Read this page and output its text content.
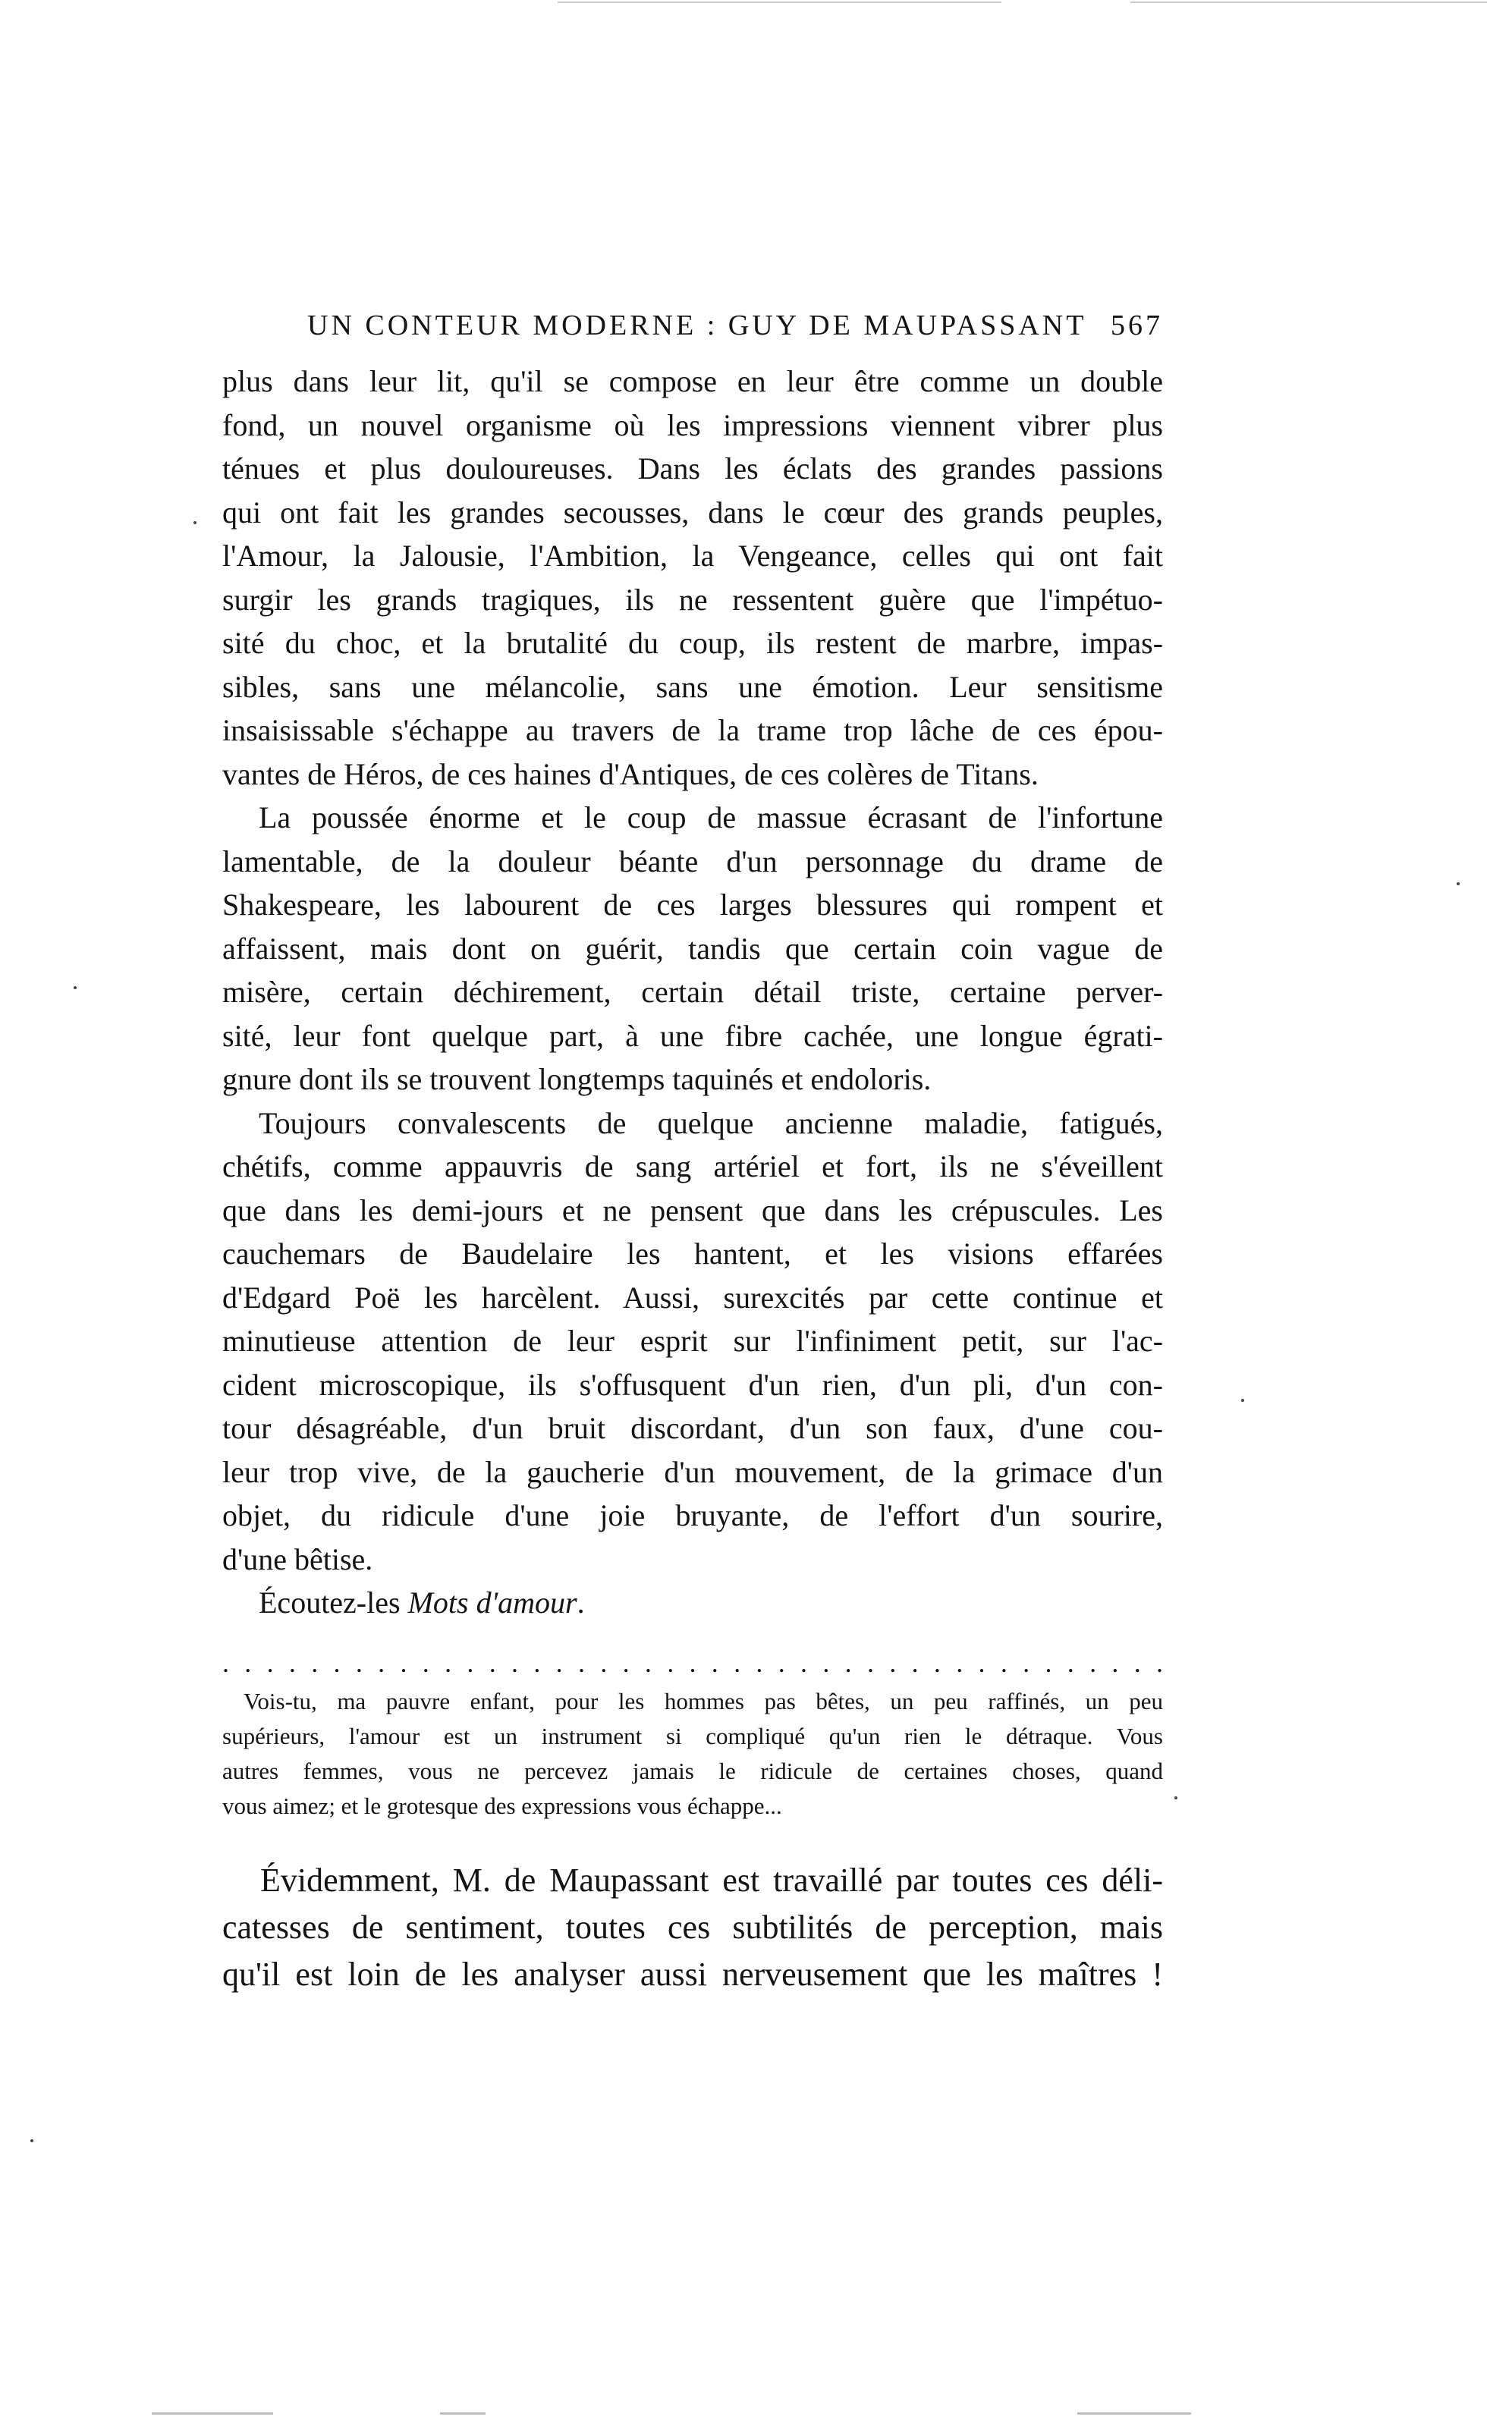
UN CONTEUR MODERNE : GUY DE MAUPASSANT 567
plus dans leur lit, qu'il se compose en leur être comme un double
fond, un nouvel organisme où les impressions viennent vibrer plus
ténues et plus douloureuses. Dans les éclats des grandes passions
qui ont fait les grandes secousses, dans le cœur des grands peuples,
l'Amour, la Jalousie, l'Ambition, la Vengeance, celles qui ont fait
surgir les grands tragiques, ils ne ressentent guère que l'impétuo-
sité du choc, et la brutalité du coup, ils restent de marbre, impas-
sibles, sans une mélancolie, sans une émotion. Leur sensitisme
insaisissable s'échappe au travers de la trame trop lâche de ces épou-
vantes de Héros, de ces haines d'Antiques, de ces colères de Titans.
La poussée énorme et le coup de massue écrasant de l'infortune
lamentable, de la douleur béante d'un personnage du drame de
Shakespeare, les labourent de ces larges blessures qui rompent et
affaissent, mais dont on guérit, tandis que certain coin vague de
misère, certain déchirement, certain détail triste, certaine perver-
sité, leur font quelque part, à une fibre cachée, une longue égrati-
gnure dont ils se trouvent longtemps taquinés et endoloris.
Toujours convalescents de quelque ancienne maladie, fatigués,
chétifs, comme appauvris de sang artériel et fort, ils ne s'éveillent
que dans les demi-jours et ne pensent que dans les crépuscules. Les
cauchemars de Baudelaire les hantent, et les visions effarées
d'Edgard Poë les harcèlent. Aussi, surexcités par cette continue et
minutieuse attention de leur esprit sur l'infiniment petit, sur l'ac-
cident microscopique, ils s'offusquent d'un rien, d'un pli, d'un con-
tour désagréable, d'un bruit discordant, d'un son faux, d'une cou-
leur trop vive, de la gaucherie d'un mouvement, de la grimace d'un
objet, du ridicule d'une joie bruyante, de l'effort d'un sourire,
d'une bêtise.
Écoutez-les Mots d'amour.
. . . . . . . . . . . . . . . . . . . . . . . . . . . . . . . . . . . . . . . . . . .
Vois-tu, ma pauvre enfant, pour les hommes pas bêtes, un peu raffinés, un peu
supérieurs, l'amour est un instrument si compliqué qu'un rien le détraque. Vous
autres femmes, vous ne percevez jamais le ridicule de certaines choses, quand
vous aimez; et le grotesque des expressions vous échappe...
Évidemment, M. de Maupassant est travaillé par toutes ces déli-
catesses de sentiment, toutes ces subtilités de perception, mais
qu'il est loin de les analyser aussi nerveusement que les maîtres !
